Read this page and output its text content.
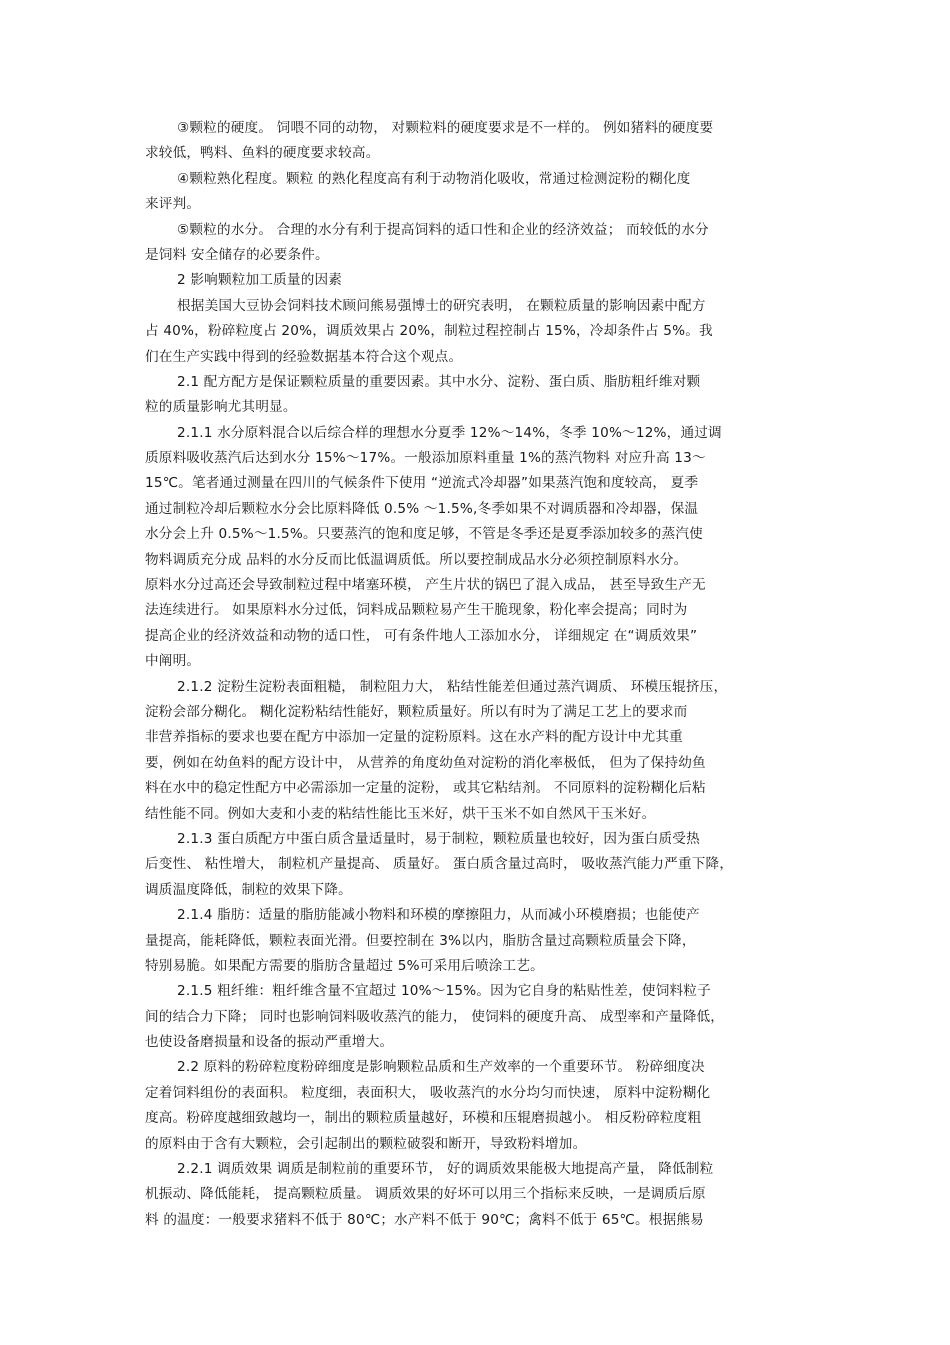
③颗粒的硬度。 饲喂不同的动物， 对颗粒料的硬度要求是不一样的。 例如猪料的硬度要
求较低，鸭料、鱼料的硬度要求较高。
④颗粒熟化程度。颗粒 的熟化程度高有利于动物消化吸收，常通过检测淀粉的糊化度
来评判。
⑤颗粒的水分。 合理的水分有利于提高饲料的适口性和企业的经济效益； 而较低的水分
是饲料 安全储存的必要条件。
2 影响颗粒加工质量的因素
根据美国大豆协会饲料技术顾问熊易强博士的研究表明， 在颗粒质量的影响因素中配方
占 40%，粉碎粒度占 20%，调质效果占 20%，制粒过程控制占 15%，冷却条件占 5%。我
们在生产实践中得到的经验数据基本符合这个观点。
2.1 配方配方是保证颗粒质量的重要因素。其中水分、淀粉、蛋白质、脂肪粗纤维对颗
粒的质量影响尤其明显。
2.1.1 水分原料混合以后综合样的理想水分夏季 12%～14%，冬季 10%～12%，通过调
质原料吸收蒸汽后达到水分 15%～17%。一般添加原料重量 1%的蒸汽物料 对应升高 13～
15℃。笔者通过测量在四川的气候条件下使用 “逆流式冷却器”如果蒸汽饱和度较高， 夏季
通过制粒冷却后颗粒水分会比原料降低 0.5% ～1.5%,冬季如果不对调质器和冷却器，保温
水分会上升 0.5%～1.5%。只要蒸汽的饱和度足够，不管是冬季还是夏季添加较多的蒸汽使
物料调质充分成 品料的水分反而比低温调质低。所以要控制成品水分必须控制原料水分。
原料水分过高还会导致制粒过程中堵塞环模， 产生片状的锅巴了混入成品， 甚至导致生产无
法连续进行。 如果原料水分过低，饲料成品颗粒易产生干脆现象，粉化率会提高；同时为
提高企业的经济效益和动物的适口性， 可有条件地人工添加水分， 详细规定 在“调质效果”
中阐明。
2.1.2 淀粉生淀粉表面粗糙， 制粒阻力大， 粘结性能差但通过蒸汽调质、 环模压辊挤压，
淀粉会部分糊化。 糊化淀粉粘结性能好，颗粒质量好。所以有时为了满足工艺上的要求而
非营养指标的要求也要在配方中添加一定量的淀粉原料。这在水产料的配方设计中尤其重
要，例如在幼鱼料的配方设计中， 从营养的角度幼鱼对淀粉的消化率极低， 但为了保持幼鱼
料在水中的稳定性配方中必需添加一定量的淀粉， 或其它粘结剂。 不同原料的淀粉糊化后粘
结性能不同。例如大麦和小麦的粘结性能比玉米好，烘干玉米不如自然风干玉米好。
2.1.3 蛋白质配方中蛋白质含量适量时，易于制粒，颗粒质量也较好，因为蛋白质受热
后变性、 粘性增大， 制粒机产量提高、 质量好。 蛋白质含量过高时， 吸收蒸汽能力严重下降，
调质温度降低，制粒的效果下降。
2.1.4 脂肪：适量的脂肪能减小物料和环模的摩擦阻力，从而减小环模磨损；也能使产
量提高，能耗降低，颗粒表面光滑。但要控制在 3%以内，脂肪含量过高颗粒质量会下降，
特别易脆。如果配方需要的脂肪含量超过 5%可采用后喷涂工艺。
2.1.5 粗纤维：粗纤维含量不宜超过 10%～15%。因为它自身的粘贴性差，使饲料粒子
间的结合力下降； 同时也影响饲料吸收蒸汽的能力， 使饲料的硬度升高、 成型率和产量降低，
也使设备磨损量和设备的振动严重增大。
2.2 原料的粉碎粒度粉碎细度是影响颗粒品质和生产效率的一个重要环节。 粉碎细度决
定着饲料组份的表面积。 粒度细，表面积大， 吸收蒸汽的水分均匀而快速， 原料中淀粉糊化
度高。粉碎度越细致越均一，制出的颗粒质量越好，环模和压辊磨损越小。 相反粉碎粒度粗
的原料由于含有大颗粒，会引起制出的颗粒破裂和断开，导致粉料增加。
2.2.1 调质效果 调质是制粒前的重要环节， 好的调质效果能极大地提高产量， 降低制粒
机振动、降低能耗， 提高颗粒质量。 调质效果的好坏可以用三个指标来反映，一是调质后原
料 的温度：一般要求猪料不低于 80℃；水产料不低于 90℃；禽料不低于 65℃。根据熊易
